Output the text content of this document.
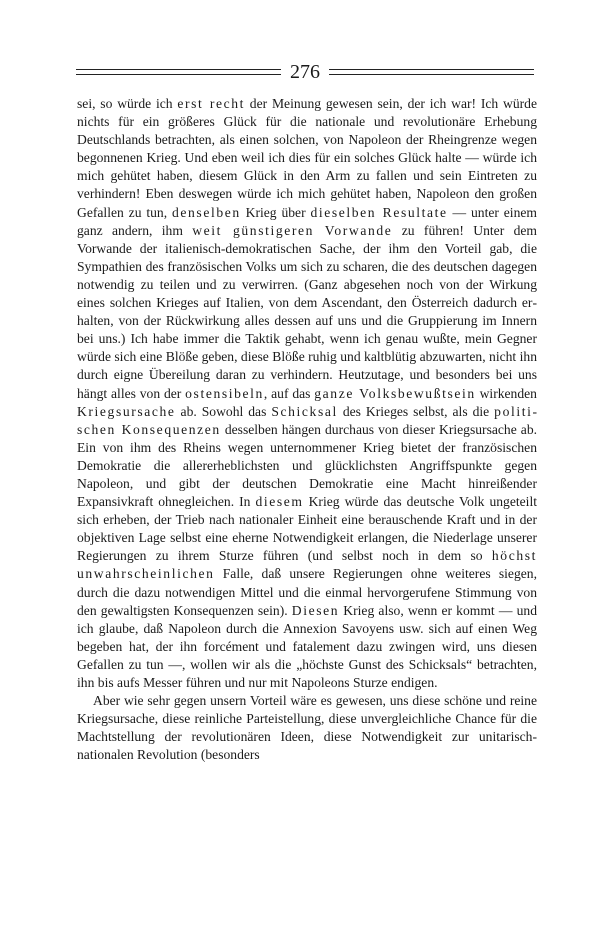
276

sei, so würde ich erst recht der Meinung gewesen sein, der ich war! Ich würde nichts für ein größeres Glück für die nationale und revolutionäre Erhebung Deutschlands betrachten, als einen solchen, von Napoleon der Rheingrenze wegen begonnenen Krieg. Und eben weil ich dies für ein solches Glück halte — würde ich mich gehütet haben, diesem Glück in den Arm zu fallen und sein Eintreten zu verhindern! Eben deswegen würde ich mich gehütet haben, Napoleon den großen Gefallen zu tun, denselben Krieg über dieselben Resultate — unter einem ganz andern, ihm weit günstigeren Vorwande zu führen! Unter dem Vorwande der italienisch-demokratischen Sache, der ihm den Vorteil gab, die Sympathien des französischen Volks um sich zu scharen, die des deutschen dagegen notwendig zu teilen und zu verwirren. (Ganz abgesehen noch von der Wirkung eines solchen Krieges auf Italien, von dem Ascendant, den Österreich dadurch erhalten, von der Rückwirkung alles dessen auf uns und die Gruppierung im Innern bei uns.) Ich habe immer die Taktik gehabt, wenn ich genau wußte, mein Gegner würde sich eine Blöße geben, diese Blöße ruhig und kaltblütig abzuwarten, nicht ihn durch eigne Übereilung daran zu verhindern. Heutzutage, und besonders bei uns hängt alles von der ostensibeln, auf das ganze Volksbewußtsein wirkenden Kriegsursache ab. Sowohl das Schicksal des Krieges selbst, als die politischen Konsequenzen desselben hängen durchaus von dieser Kriegsursache ab. Ein von ihm des Rheins wegen unternommener Krieg bietet der französischen Demokratie die allererheblichsten und glücklichsten Angriffspunkte gegen Napoleon, und gibt der deutschen Demokratie eine Macht hinreißender Expansivkraft ohnegleichen. In diesem Krieg würde das deutsche Volk ungeteilt sich erheben, der Trieb nach nationaler Einheit eine berauschende Kraft und in der objektiven Lage selbst eine eherne Notwendigkeit erlangen, die Niederlage unserer Regierungen zu ihrem Sturze führen (und selbst noch in dem so höchst unwahrscheinlichen Falle, daß unsere Regierungen ohne weiteres siegen, durch die dazu notwendigen Mittel und die einmal hervorgerufene Stimmung von den gewaltigsten Konsequenzen sein). Diesen Krieg also, wenn er kommt — und ich glaube, daß Napoleon durch die Annexion Savoyens usw. sich auf einen Weg begeben hat, der ihn forcément und fatalement dazu zwingen wird, uns diesen Gefallen zu tun —, wollen wir als die „höchste Gunst des Schicksals“ betrachten, ihn bis aufs Messer führen und nur mit Napoleons Sturze endigen.

Aber wie sehr gegen unsern Vorteil wäre es gewesen, uns diese schöne und reine Kriegsursache, diese reinliche Parteistellung, diese unvergleichliche Chance für die Machtstellung der revolutionären Ideen, diese Notwendigkeit zur unitarisch-nationalen Revolution (besonders
